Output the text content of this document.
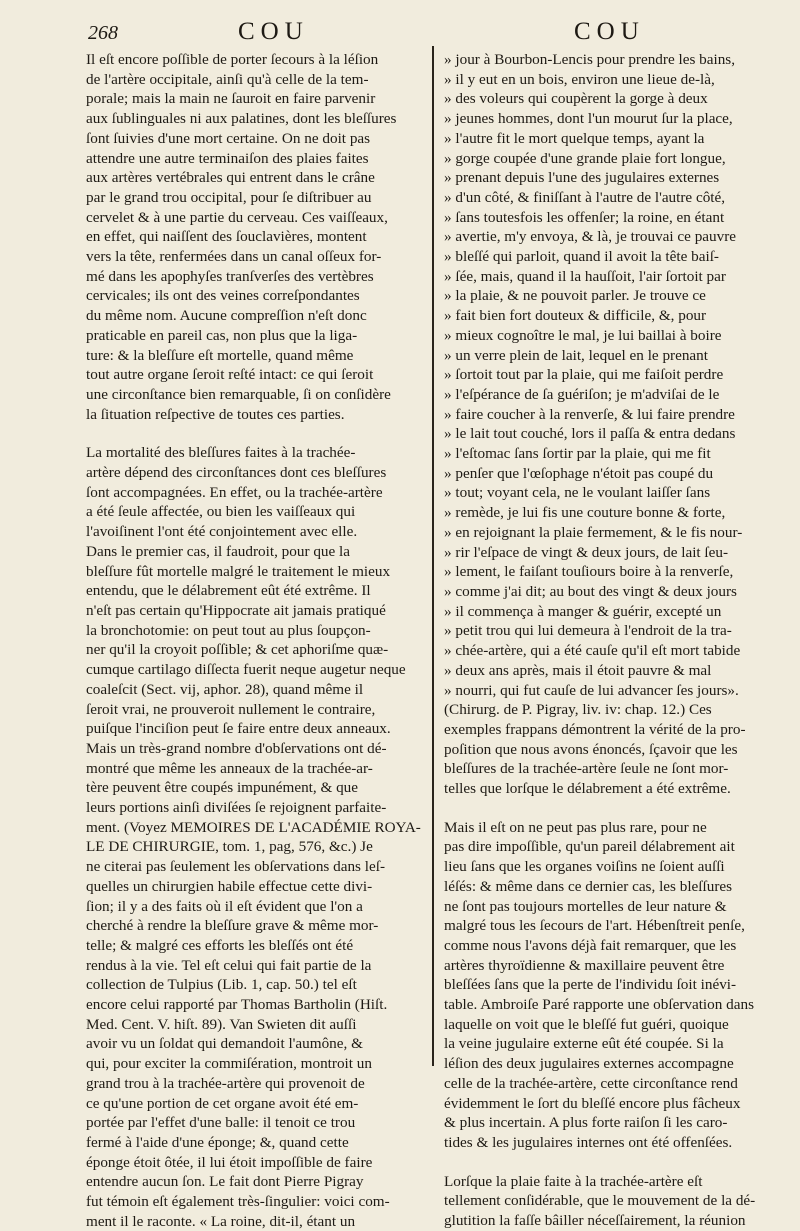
268	COU	COU
Il eſt encore poſſible de porter ſecours à la léſion
de l'artère occipitale, ainſi qu'à celle de la tem-
porale; mais la main ne ſauroit en faire parvenir
aux ſublinguales ni aux palatines, dont les bleſſures
ſont ſuivies d'une mort certaine. On ne doit pas
attendre une autre terminaiſon des plaies faites
aux artères vertébrales qui entrent dans le crâne
par le grand trou occipital, pour ſe diſtribuer au
cervelet & à une partie du cerveau. Ces vaiſſeaux,
en effet, qui naiſſent des ſouclavières, montent
vers la tête, renfermées dans un canal oſſeux for-
mé dans les apophyſes tranſverſes des vertèbres
cervicales; ils ont des veines correſpondantes
du même nom. Aucune compreſſion n'eſt donc
praticable en pareil cas, non plus que la liga-
ture: & la bleſſure eſt mortelle, quand même
tout autre organe ſeroit reſté intact: ce qui ſeroit
une circonſtance bien remarquable, ſi on conſidère
la ſituation reſpective de toutes ces parties.
La mortalité des bleſſures faites à la trachée-
artère dépend des circonſtances dont ces bleſſures
ſont accompagnées. En effet, ou la trachée-artère
a été ſeule affectée, ou bien les vaiſſeaux qui
l'avoiſinent l'ont été conjointement avec elle.
Dans le premier cas, il faudroit, pour que la
bleſſure fût mortelle malgré le traitement le mieux
entendu, que le délabrement eût été extrême. Il
n'eſt pas certain qu'Hippocrate ait jamais pratiqué
la bronchotomie: on peut tout au plus ſoupçon-
ner qu'il la croyoit poſſible; & cet aphoriſme quæ-
cumque cartilago diſſecta fuerit neque augetur neque
coaleſcit (Sect. vij, aphor. 28), quand même il
ſeroit vrai, ne prouveroit nullement le contraire,
puiſque l'inciſion peut ſe faire entre deux anneaux.
Mais un très-grand nombre d'obſervations ont dé-
montré que même les anneaux de la trachée-ar-
tère peuvent être coupés impunément, & que
leurs portions ainſi diviſées ſe rejoignent parfaite-
ment. (Voyez MEMOIRES DE L'ACADÉMIE ROYA-
LE DE CHIRURGIE, tom. 1, pag, 576, &c.) Je
ne citerai pas ſeulement les obſervations dans leſ-
quelles un chirurgien habile effectue cette divi-
ſion; il y a des faits où il eſt évident que l'on a
cherché à rendre la bleſſure grave & même mor-
telle; & malgré ces efforts les bleſſés ont été
rendus à la vie. Tel eſt celui qui fait partie de la
collection de Tulpius (Lib. 1, cap. 50.) tel eſt
encore celui rapporté par Thomas Bartholin (Hiſt.
Med. Cent. V. hiſt. 89). Van Swieten dit auſſi
avoir vu un ſoldat qui demandoit l'aumône, &
qui, pour exciter la commiſération, montroit un
grand trou à la trachée-artère qui provenoit de
ce qu'une portion de cet organe avoit été em-
portée par l'effet d'une balle: il tenoit ce trou
fermé à l'aide d'une éponge; &, quand cette
éponge étoit ôtée, il lui étoit impoſſible de faire
entendre aucun ſon. Le fait dont Pierre Pigray
fut témoin eſt également très-ſingulier: voici com-
ment il le raconte. « La roine, dit-il, étant un
» jour à Bourbon-Lencis pour prendre les bains,
» il y eut en un bois, environ une lieue de-là,
» des voleurs qui coupèrent la gorge à deux
» jeunes hommes, dont l'un mourut ſur la place,
» l'autre fit le mort quelque temps, ayant la
» gorge coupée d'une grande plaie fort longue,
» prenant depuis l'une des jugulaires externes
» d'un côté, & finiſſant à l'autre de l'autre côté,
» ſans toutesfois les offenſer; la roine, en étant
» avertie, m'y envoya, & là, je trouvai ce pauvre
» bleſſé qui parloit, quand il avoit la tête baiſ-
» ſée, mais, quand il la hauſſoit, l'air ſortoit par
» la plaie, & ne pouvoit parler. Je trouve ce
» fait bien fort douteux & difficile, &, pour
» mieux cognoître le mal, je lui baillai à boire
» un verre plein de lait, lequel en le prenant
» ſortoit tout par la plaie, qui me faiſoit perdre
» l'eſpérance de ſa guériſon; je m'adviſai de le
» faire coucher à la renverſe, & lui faire prendre
» le lait tout couché, lors il paſſa & entra dedans
» l'eſtomac ſans ſortir par la plaie, qui me fit
» penſer que l'œſophage n'étoit pas coupé du
» tout; voyant cela, ne le voulant laiſſer ſans
» remède, je lui fis une couture bonne & forte,
» en rejoignant la plaie fermement, & le fis nour-
» rir l'eſpace de vingt & deux jours, de lait ſeu-
» lement, le faiſant touſiours boire à la renverſe,
» comme j'ai dit; au bout des vingt & deux jours
» il commença à manger & guérir, excepté un
» petit trou qui lui demeura à l'endroit de la tra-
» chée-artère, qui a été cauſe qu'il eſt mort tabide
» deux ans après, mais il étoit pauvre & mal
» nourri, qui fut cauſe de lui advancer ſes jours».
(Chirurg. de P. Pigray, liv. iv: chap. 12.) Ces
exemples frappans démontrent la vérité de la pro-
poſition que nous avons énoncés, ſçavoir que les
bleſſures de la trachée-artère ſeule ne ſont mor-
telles que lorſque le délabrement a été extrême.
Mais il eſt on ne peut pas plus rare, pour ne
pas dire impoſſible, qu'un pareil délabrement ait
lieu ſans que les organes voiſins ne ſoient auſſi
léſés: & même dans ce dernier cas, les bleſſures
ne ſont pas toujours mortelles de leur nature &
malgré tous les ſecours de l'art. Hébenſtreit penſe,
comme nous l'avons déjà fait remarquer, que les
artères thyroïdienne & maxillaire peuvent être
bleſſées ſans que la perte de l'individu ſoit inévi-
table. Ambroiſe Paré rapporte une obſervation dans
laquelle on voit que le bleſſé fut guéri, quoique
la veine jugulaire externe eût été coupée. Si la
léſion des deux jugulaires externes accompagne
celle de la trachée-artère, cette circonſtance rend
évidemment le ſort du bleſſé encore plus fâcheux
& plus incertain. A plus forte raiſon ſi les caro-
tides & les jugulaires internes ont été offenſées.
Lorſque la plaie faite à la trachée-artère eſt
tellement conſidérable, que le mouvement de la dé-
glutition la faſſe bâiller néceſſairement, la réunion
